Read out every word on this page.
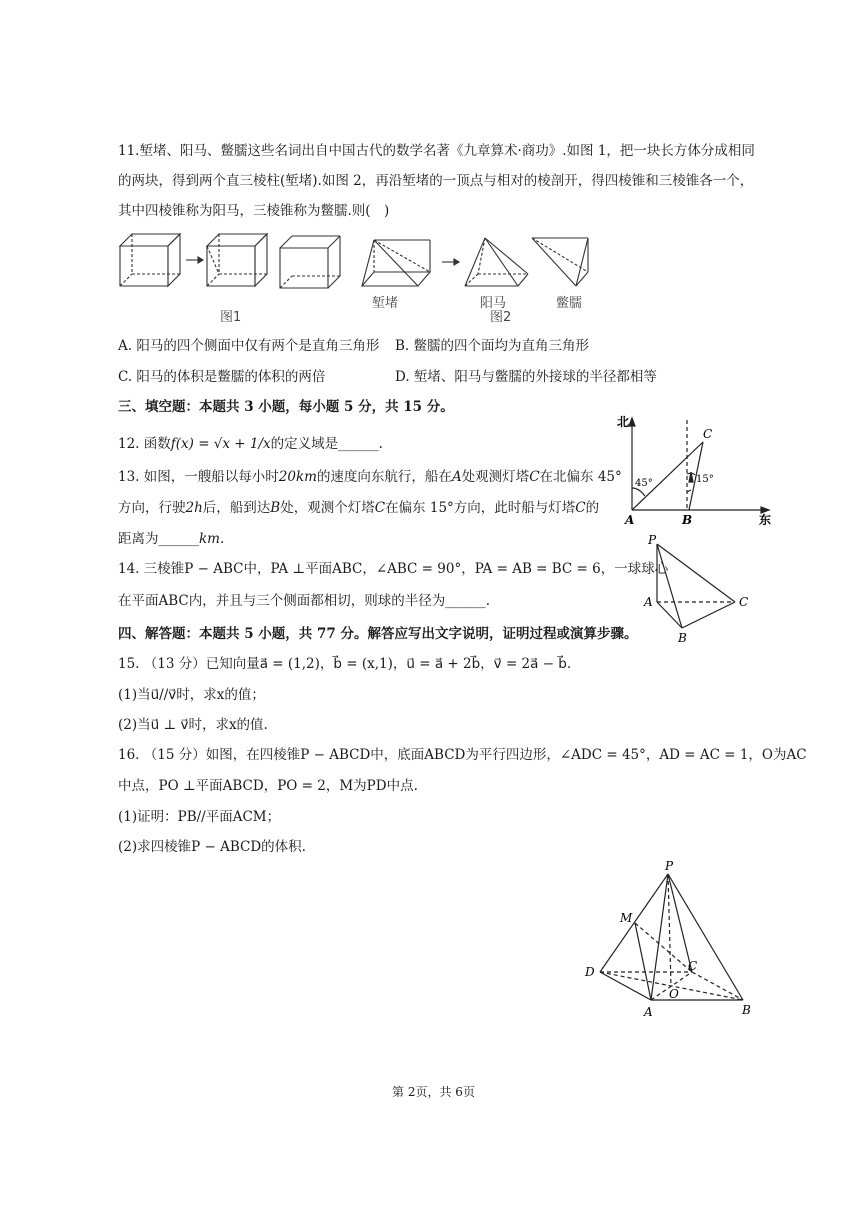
11.堑堵、阳马、鳖臑这些名词出自中国古代的数学名著《九章算术·商功》.如图 1，把一块长方体分成相同
的两块，得到两个直三棱柱(堑堵).如图 2，再沿堑堵的一顶点与相对的棱剖开，得四棱锥和三棱锥各一个，
其中四棱锥称为阳马，三棱锥称为鳖臑.则(　)
堑堵	阳马	鳖臑
图1	图2
A. 阳马的四个侧面中仅有两个是直角三角形 B. 鳖臑的四个面均为直角三角形
C. 阳马的体积是鳖臑的体积的两倍	D. 堑堵、阳马与鳖臑的外接球的半径都相等
三、填空题：本题共 3 小题，每小题 5 分，共 15 分。
12. 函数f(x) = √x + 1/x的定义域是______.
13. 如图，一艘船以每小时20km的速度向东航行，船在A处观测灯塔C在北偏东 45°
方向，行驶2h后，船到达B处，观测个灯塔C在偏东 15°方向，此时船与灯塔C的
距离为______km.
北
东
A	B
C
45°	15°
14. 三棱锥P − ABC中，PA ⊥平面ABC，∠ABC = 90°，PA = AB = BC = 6，一球球心
在平面ABC内，并且与三个侧面都相切，则球的半径为______.
P
A
B
C
四、解答题：本题共 5 小题，共 77 分。解答应写出文字说明，证明过程或演算步骤。
15. （13 分）已知向量a⃗ = (1,2)，b⃗ = (x,1)，u⃗ = a⃗ + 2b⃗，v⃗ = 2a⃗ − b⃗.
(1)当u⃗//v⃗时，求x的值；
(2)当u⃗ ⊥ v⃗时，求x的值.
16. （15 分）如图，在四棱锥P − ABCD中，底面ABCD为平行四边形，∠ADC = 45°，AD = AC = 1，O为AC
中点，PO ⊥平面ABCD，PO = 2，M为PD中点.
(1)证明：PB//平面ACM；
(2)求四棱锥P − ABCD的体积.
P
M
D	C
O
A	B
第 2页，共 6页
